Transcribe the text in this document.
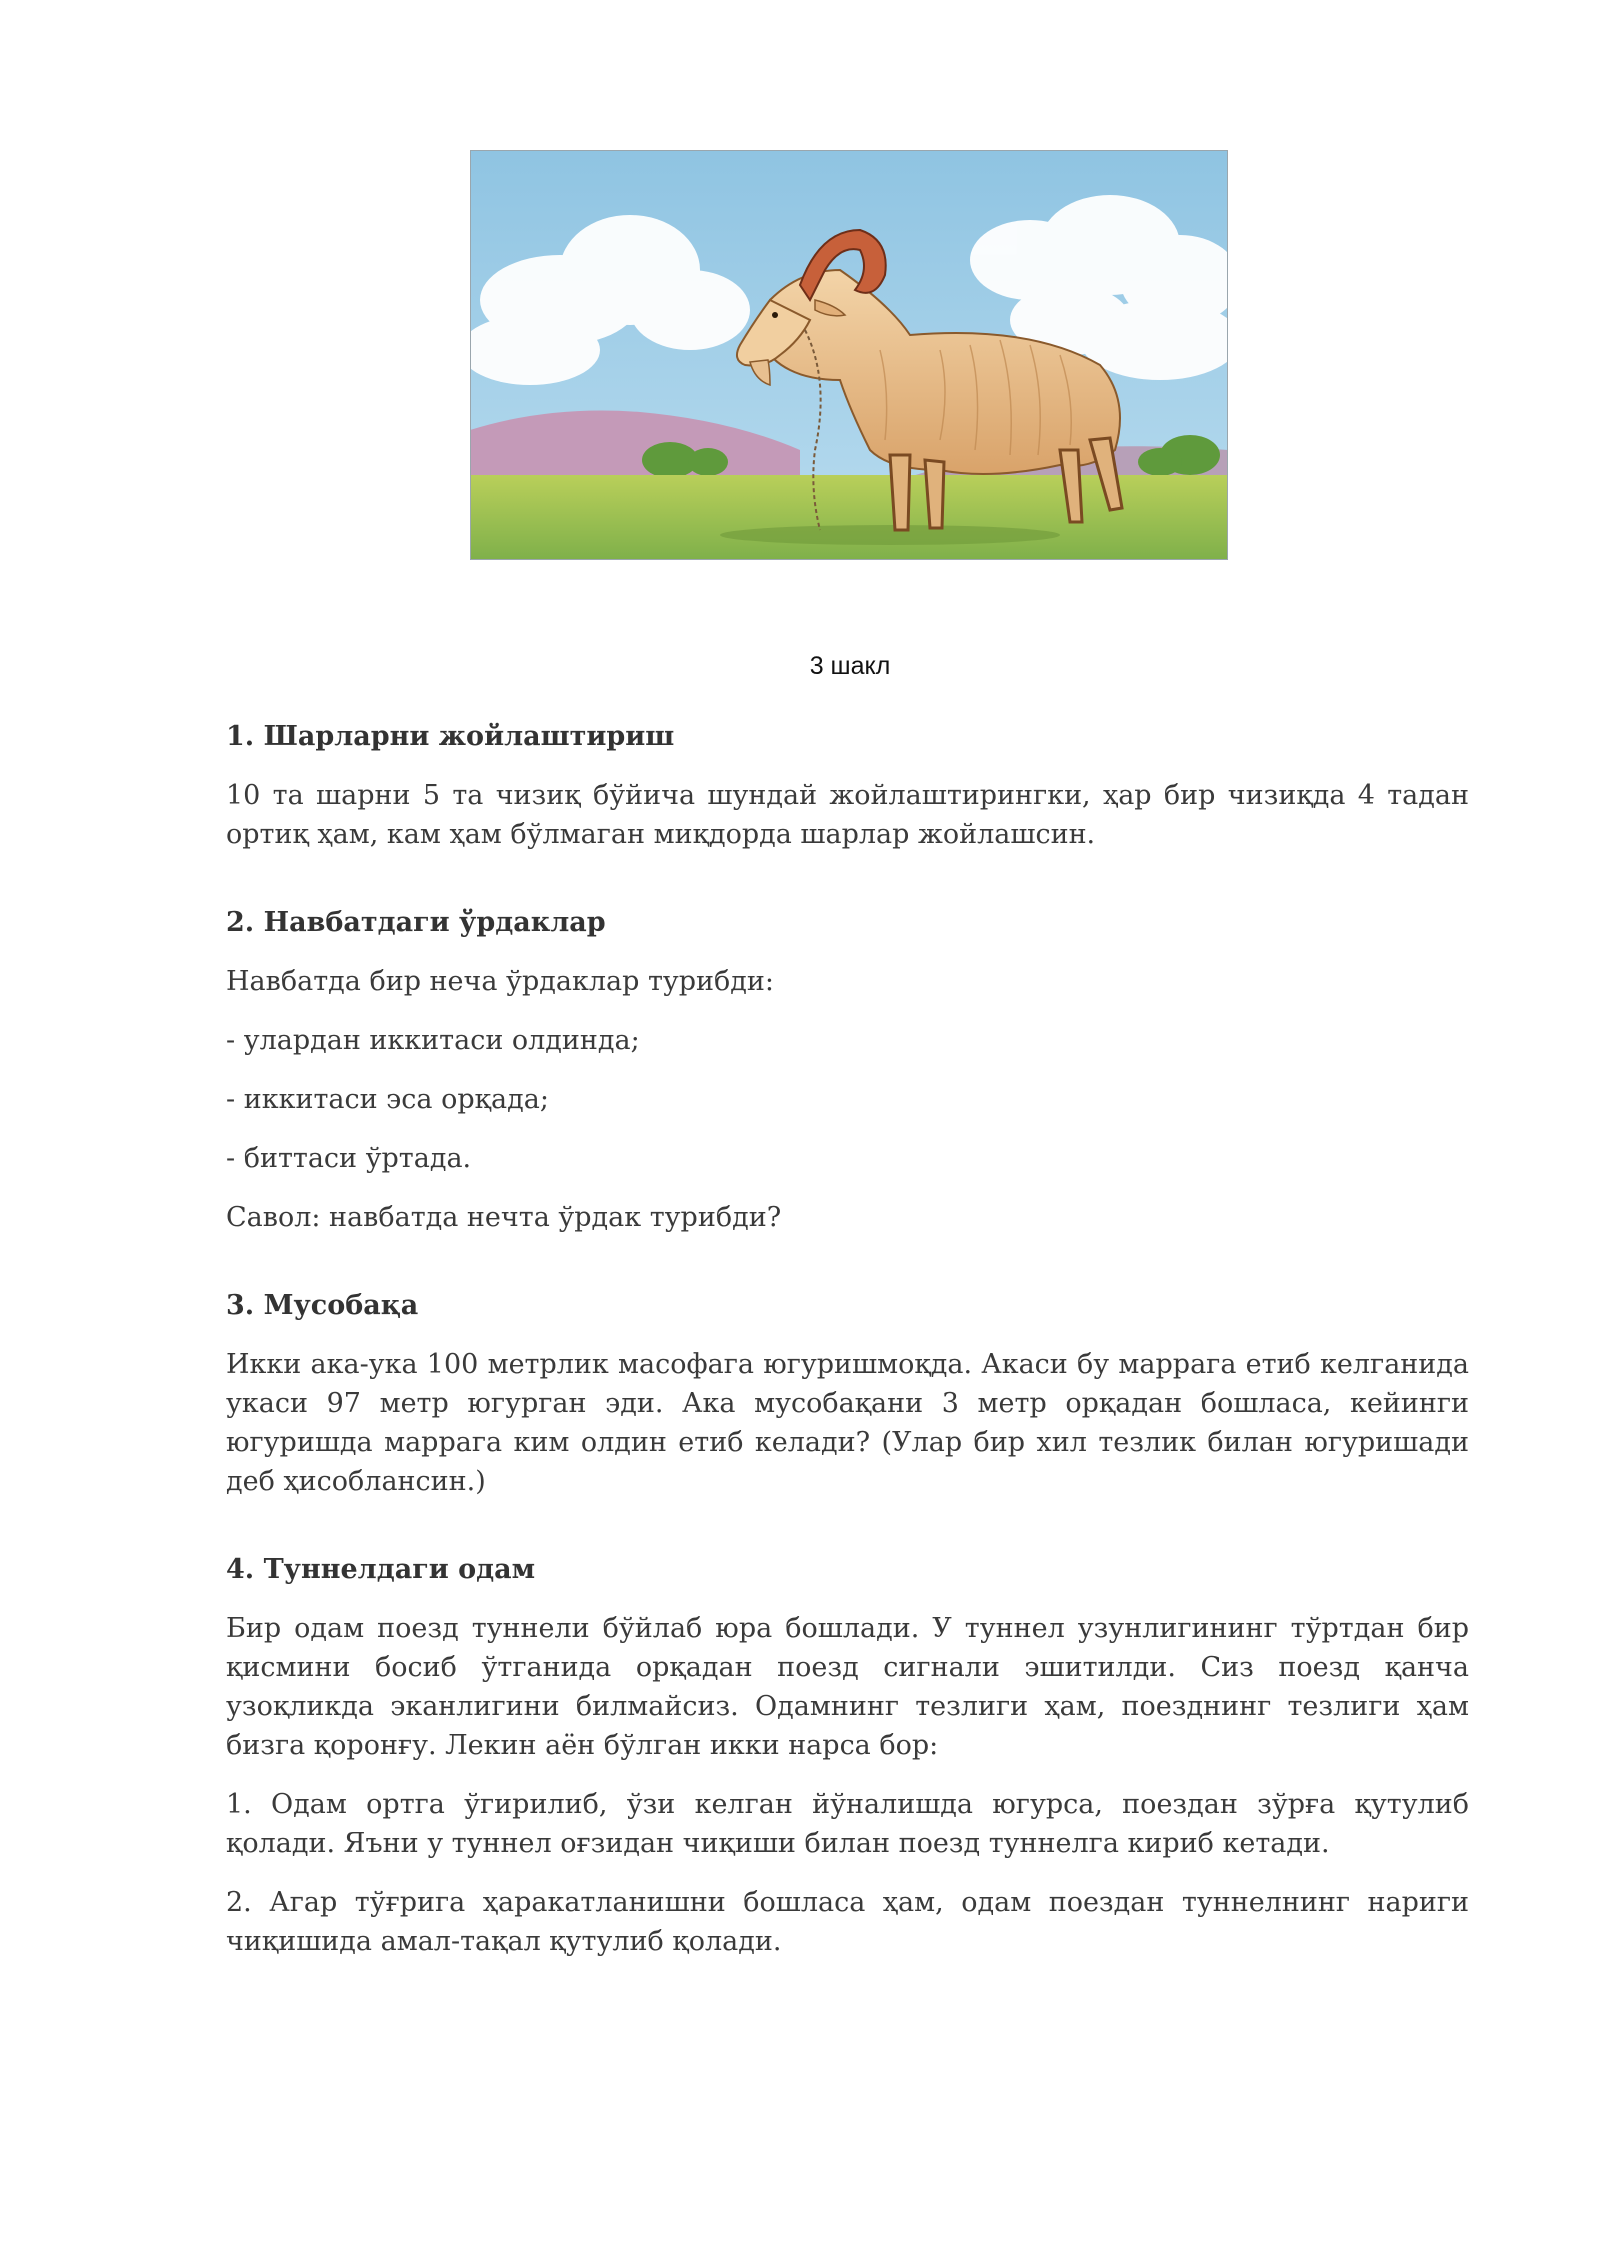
3 шакл
1. Шарларни жойлаштириш

10 та шарни 5 та чизиқ бўйича шундай жойлаштирингки, ҳар бир чизиқда 4 тадан ортиқ ҳам, кам ҳам бўлмаган миқдорда шарлар жойлашсин.

2. Навбатдаги ўрдаклар

Навбатда бир неча ўрдаклар турибди:

- улардан иккитаси олдинда;

- иккитаси эса орқада;

- биттаси ўртада.

Савол: навбатда нечта ўрдак турибди?

3. Мусобақа

Икки ака-ука 100 метрлик масофага югуришмоқда. Акаси бу маррага етиб келганида укаси 97 метр югурган эди. Ака мусобақани 3 метр орқадан бошласа, кейинги югуришда маррага ким олдин етиб келади? (Улар бир хил тезлик билан югуришади деб ҳисоблансин.)

4. Туннелдаги одам

Бир одам поезд туннели бўйлаб юра бошлади. У туннел узунлигининг тўртдан бир қисмини босиб ўтганида орқадан поезд сигнали эшитилди. Сиз поезд қанча узоқликда эканлигини билмайсиз. Одамнинг тезлиги ҳам, поезднинг тезлиги ҳам бизга қоронғу. Лекин аён бўлган икки нарса бор:

1. Одам ортга ўгирилиб, ўзи келган йўналишда югурса, поездан зўрға қутулиб қолади. Яъни у туннел оғзидан чиқиши билан поезд туннелга кириб кетади.

2. Агар тўғрига ҳаракатланишни бошласа ҳам, одам поездан туннелнинг нариги чиқишида амал-тақал қутулиб қолади.
